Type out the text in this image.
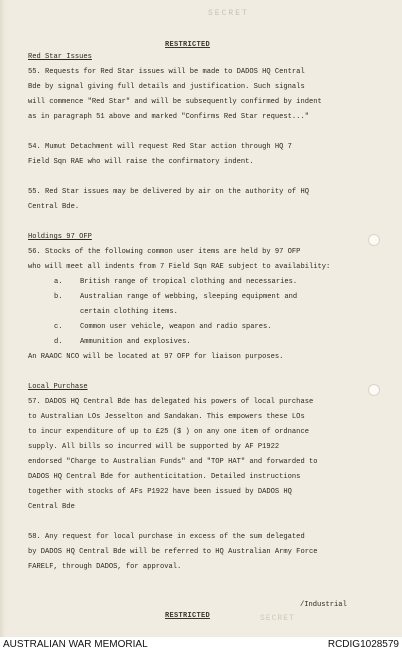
SECRET
RESTRICTED
Red Star Issues
55. Requests for Red Star issues will be made to DADOS HQ Central
Bde by signal giving full details and justification. Such signals
will commence "Red Star" and will be subsequently confirmed by indent
as in paragraph 51 above and marked "Confirms Red Star request..."
54. Mumut Detachment will request Red Star action through HQ 7
Field Sqn RAE who will raise the confirmatory indent.
55. Red Star issues may be delivered by air on the authority of HQ
Central Bde.
Holdings 97 OFP
56. Stocks of the following common user items are held by 97 OFP
who will meet all indents from 7 Field Sqn RAE subject to availability:
a. British range of tropical clothing and necessaries.
b. Australian range of webbing, sleeping equipment and
certain clothing items.
c. Common user vehicle, weapon and radio spares.
d. Ammunition and explosives.
An RAAOC NCO will be located at 97 OFP for liaison purposes.
Local Purchase
57. DADOS HQ Central Bde has delegated his powers of local purchase
to Australian LOs Jesselton and Sandakan. This empowers these LOs
to incur expenditure of up to £25 ($ ) on any one item of ordnance
supply. All bills so incurred will be supported by AF P1922
endorsed "Charge to Australian Funds" and "TOP HAT" and forwarded to
DADOS HQ Central Bde for authenticitation. Detailed instructions
together with stocks of AFs P1922 have been issued by DADOS HQ
Central Bde
58. Any request for local purchase in excess of the sum delegated
by DADOS HQ Central Bde will be referred to HQ Australian Army Force
FARELF, through DADOS, for approval.
/Industrial
RESTRICTED	SECRET
AUSTRALIAN WAR MEMORIAL	RCDIG1028579
